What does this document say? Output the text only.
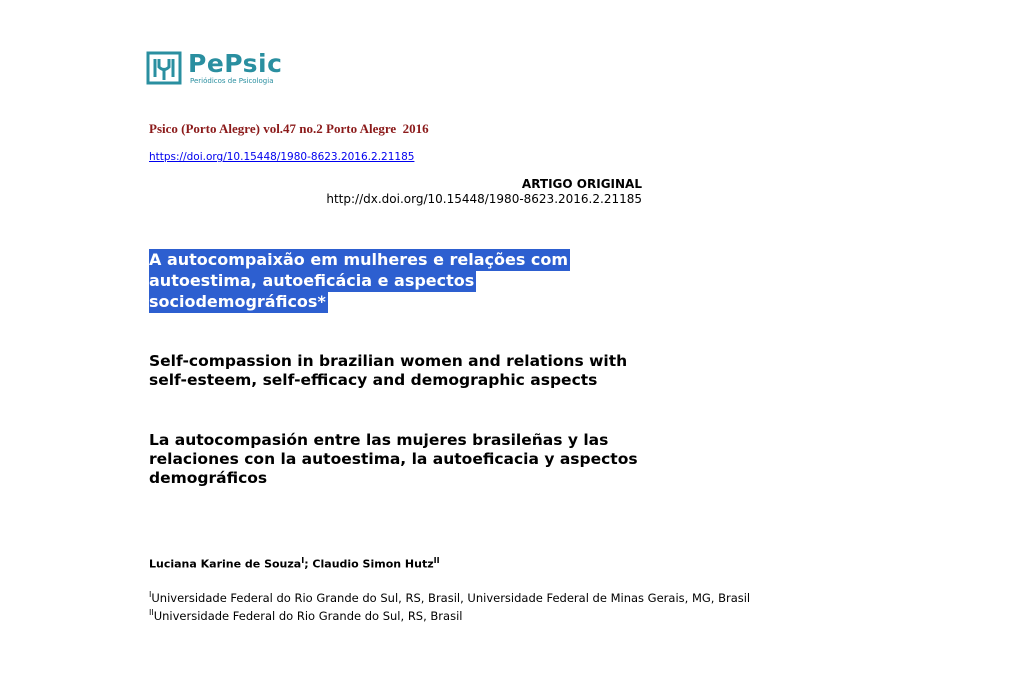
PePsic
Periódicos de Psicologia
Psico (Porto Alegre) vol.47 no.2 Porto Alegre  2016
https://doi.org/10.15448/1980-8623.2016.2.21185
ARTIGO ORIGINAL
http://dx.doi.org/10.15448/1980-8623.2016.2.21185
A autocompaixão em mulheres e relações com autoestima, autoeficácia e aspectos sociodemográficos*
Self-compassion in brazilian women and relations with self-esteem, self-efficacy and demographic aspects
La autocompasión entre las mujeres brasileñas y las relaciones con la autoestima, la autoeficacia y aspectos demográficos
Luciana Karine de Souza$^I$; Claudio Simon Hutz$^{II}$
$^I$Universidade Federal do Rio Grande do Sul, RS, Brasil, Universidade Federal de Minas Gerais, MG, Brasil
$^{II}$Universidade Federal do Rio Grande do Sul, RS, Brasil
